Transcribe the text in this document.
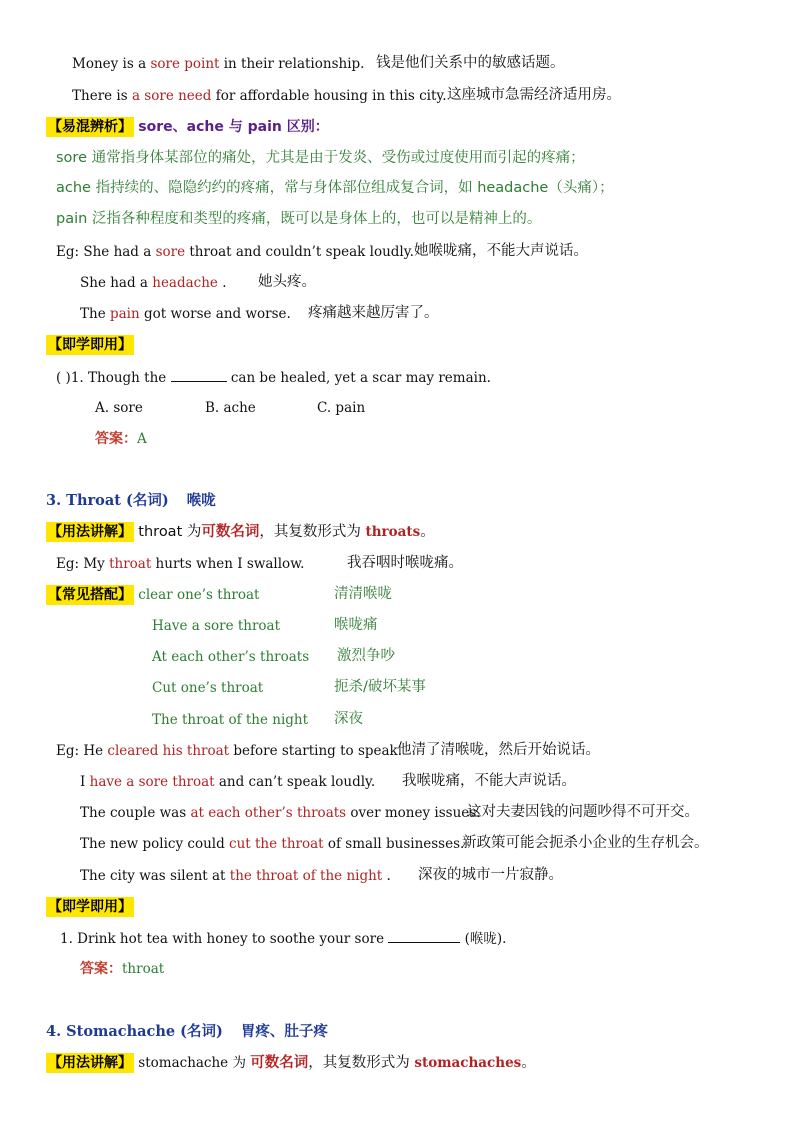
Money is a sore point in their relationship. 钱是他们关系中的敏感话题。
There is a sore need for affordable housing in this city. 这座城市急需经济适用房。
【易混辨析】 sore、ache 与 pain 区别：
sore 通常指身体某部位的痛处，尤其是由于发炎、受伤或过度使用而引起的疼痛；
ache 指持续的、隐隐约约的疼痛，常与身体部位组成复合词，如 headache（头痛）；
pain 泛指各种程度和类型的疼痛，既可以是身体上的，也可以是精神上的。
Eg: She had a sore throat and couldn’t speak loudly. 她喉咙痛，不能大声说话。
She had a headache . 她头疼。
The pain got worse and worse. 疼痛越来越厉害了。
【即学即用】
( )1. Though the	can be healed, yet a scar may remain.
A. sore	B. ache	C. pain
答案：A
3. Throat (名词) 喉咙
【用法讲解】 throat 为可数名词，其复数形式为 throats。
Eg: My throat hurts when I swallow.	我吞咽时喉咙痛。
【常见搭配】 clear one’s throat	清清喉咙
Have a sore throat	喉咙痛
At each other’s throats 激烈争吵
Cut one’s throat	扼杀/破坏某事
The throat of the night 深夜
Eg: He cleared his throat before starting to speak.
他清了清喉咙，然后开始说话。
I have a sore throat and can’t speak loudly. 我喉咙痛，不能大声说话。
The couple was at each other’s throats over money issues.
这对夫妻因钱的问题吵得不可开交。
The new policy could cut the throat of small businesses.
新政策可能会扼杀小企业的生存机会。
The city was silent at the throat of the night . 深夜的城市一片寂静。
【即学即用】
1. Drink hot tea with honey to soothe your sore	(喉咙).
答案：throat
4. Stomachache (名词) 胃疼、肚子疼
【用法讲解】 stomachache 为 可数名词，其复数形式为 stomachaches。
